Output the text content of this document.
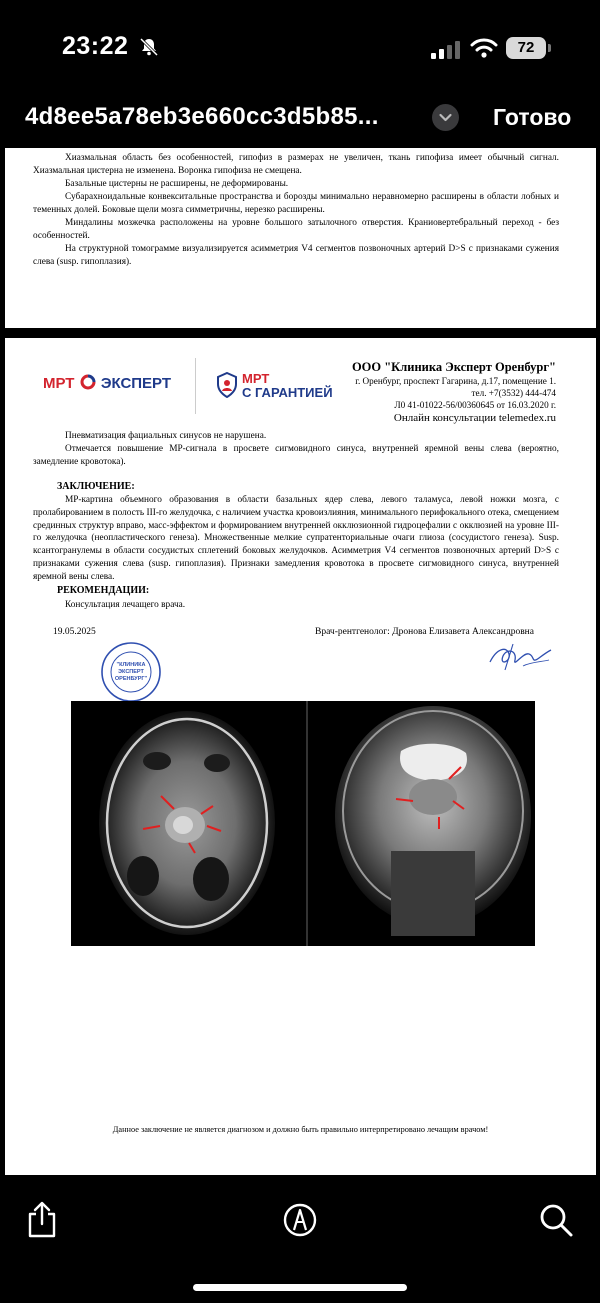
23:22	72
4d8ee5a78eb3e660cc3d5b85...	Готово
Хиазмальная область без особенностей, гипофиз в размерах не увеличен, ткань гипофиза имеет обычный сигнал. Хиазмальная цистерна не изменена. Воронка гипофиза не смещена.
Базальные цистерны не расширены, не деформированы.
Субарахноидальные конвекситальные пространства и борозды минимально неравномерно расширены в области лобных и теменных долей. Боковые щели мозга симметричны, нерезко расширены.
Миндалины мозжечка расположены на уровне большого затылочного отверстия. Краниовертебральный переход - без особенностей.
На структурной томограмме визуализируется асимметрия V4 сегментов позвоночных артерий D>S с признаками сужения слева (susp. гипоплазия).
МРТ ЭКСПЕРТ	МРТ
С ГАРАНТИЕЙ
ООО "Клиника Эксперт Оренбург"
г. Оренбург, проспект Гагарина, д.17, помещение 1.
тел. +7(3532) 444-474
Л0 41-01022-56/00360645 от 16.03.2020 г.
Онлайн консультации telemedex.ru
Пневматизация фациальных синусов не нарушена.
Отмечается повышение МР-сигнала в просвете сигмовидного синуса, внутренней яремной вены слева (вероятно, замедление кровотока).
ЗАКЛЮЧЕНИЕ:
МР-картина объемного образования в области базальных ядер слева, левого таламуса, левой ножки мозга, с пролабированием в полость III-го желудочка, с наличием участка кровоизлияния, минимального перифокального отека, смещением срединных структур вправо, масс-эффектом и формированием внутренней окклюзионной гидроцефалии с окклюзией на уровне III-го желудочка (неопластического генеза). Множественные мелкие супратенториальные очаги глиоза (сосудистого генеза). Susp. ксантогранулемы в области сосудистых сплетений боковых желудочков. Асимметрия V4 сегментов позвоночных артерий D>S с признаками сужения слева (susp. гипоплазия). Признаки замедления кровотока в просвете сигмовидного синуса, внутренней яремной вены слева.
РЕКОМЕНДАЦИИ:
Консультация лечащего врача.
19.05.2025	Врач-рентгенолог: Дронова Елизавета Александровна
"КЛИНИКА
ЭКСПЕРТ
ОРЕНБУРГ"
Данное заключение не является диагнозом и должно быть правильно интерпретировано лечащим врачом!
